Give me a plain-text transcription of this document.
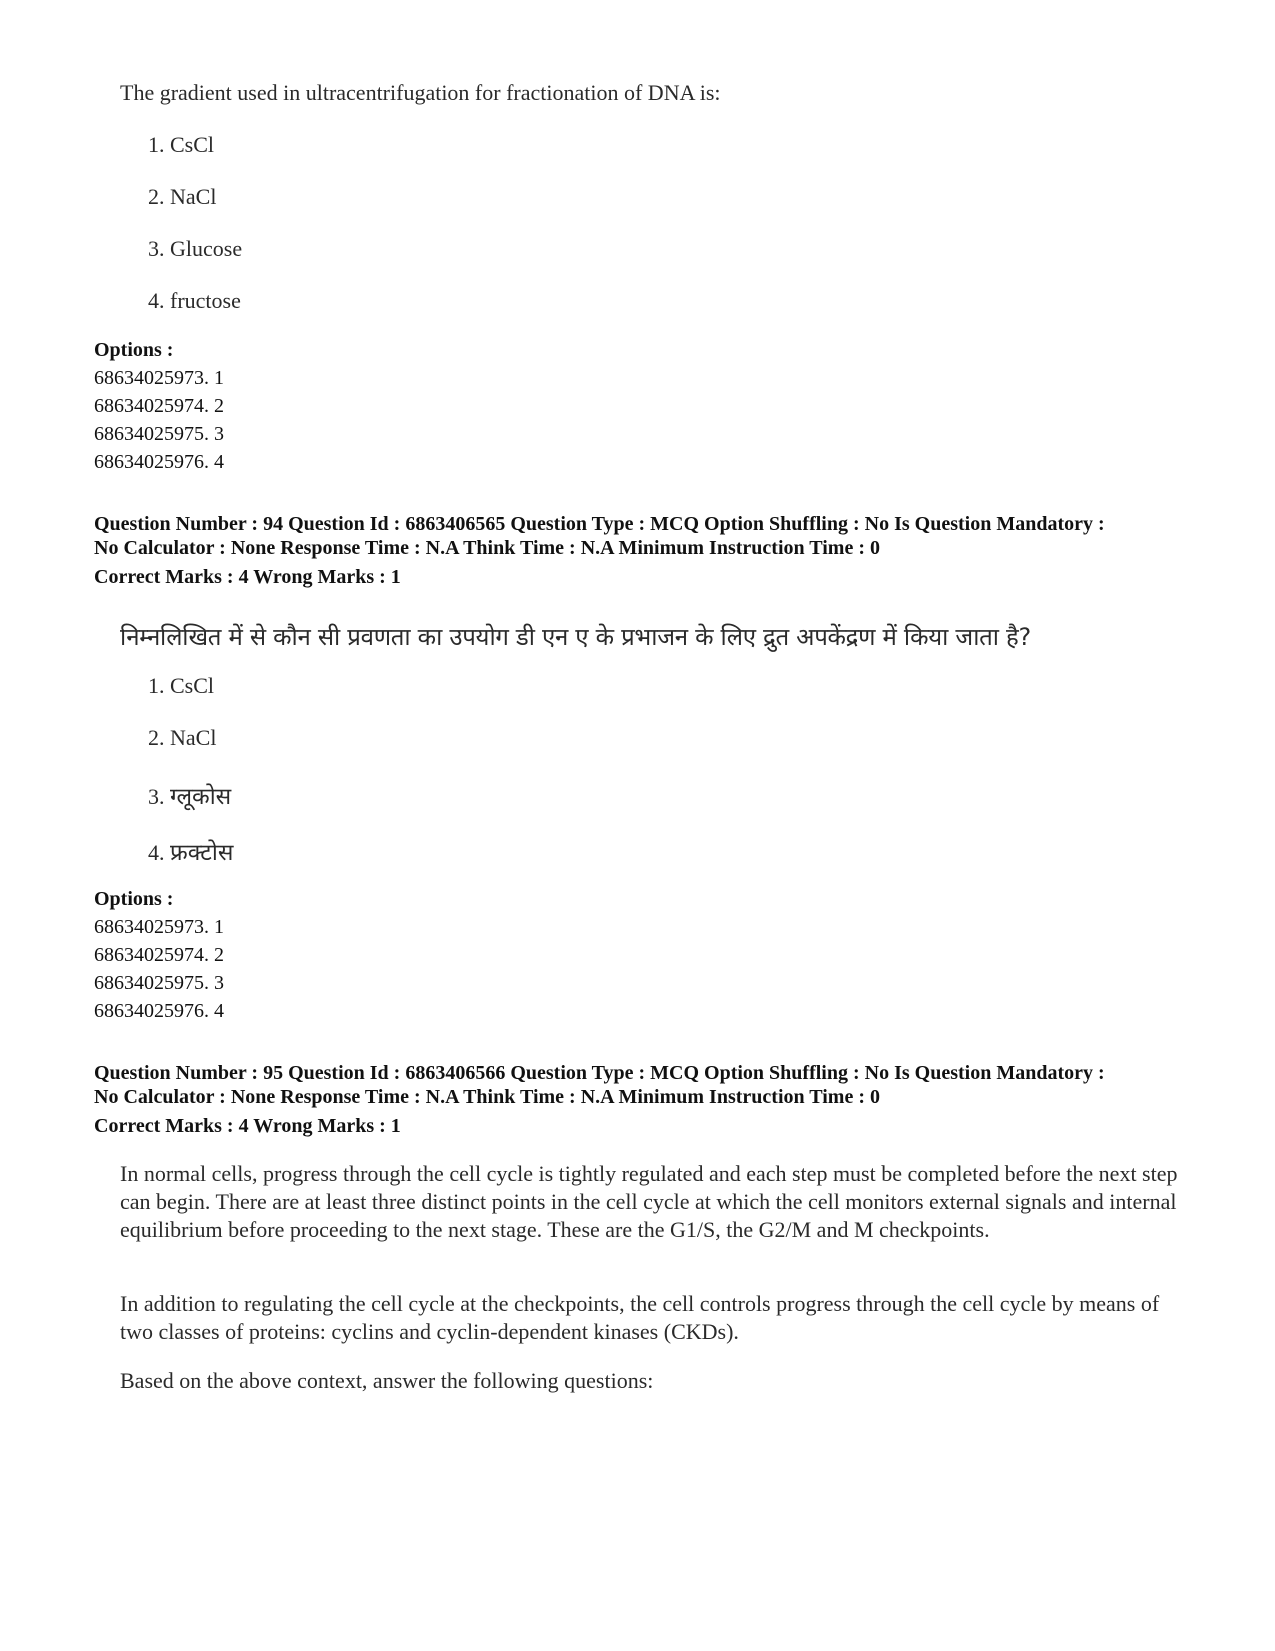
The gradient used in ultracentrifugation for fractionation of DNA is:
1. CsCl
2. NaCl
3. Glucose
4. fructose
Options :
68634025973. 1
68634025974. 2
68634025975. 3
68634025976. 4
Question Number : 94 Question Id : 6863406565 Question Type : MCQ Option Shuffling : No Is Question Mandatory :
No Calculator : None Response Time : N.A Think Time : N.A Minimum Instruction Time : 0
Correct Marks : 4 Wrong Marks : 1
निम्नलिखित में से कौन सी प्रवणता का उपयोग डी एन ए के प्रभाजन के लिए द्रुत अपकेंद्रण में किया जाता है?
1. CsCl
2. NaCl
3. ग्लूकोस
4. फ्रक्टोस
Options :
68634025973. 1
68634025974. 2
68634025975. 3
68634025976. 4
Question Number : 95 Question Id : 6863406566 Question Type : MCQ Option Shuffling : No Is Question Mandatory :
No Calculator : None Response Time : N.A Think Time : N.A Minimum Instruction Time : 0
Correct Marks : 4 Wrong Marks : 1
In normal cells, progress through the cell cycle is tightly regulated and each step must be completed before the next step can begin. There are at least three distinct points in the cell cycle at which the cell monitors external signals and internal equilibrium before proceeding to the next stage. These are the G1/S, the G2/M and M checkpoints.
In addition to regulating the cell cycle at the checkpoints, the cell controls progress through the cell cycle by means of two classes of proteins: cyclins and cyclin-dependent kinases (CKDs).
Based on the above context, answer the following questions:
